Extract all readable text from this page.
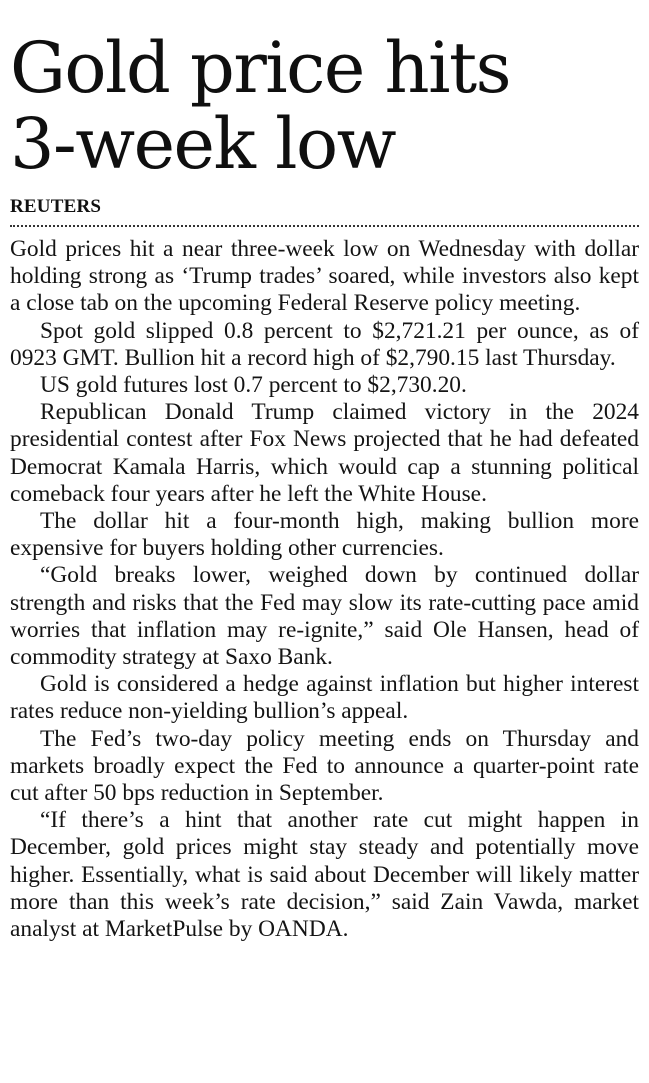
Gold price hits
3-week low
REUTERS

Gold prices hit a near three-week low on Wednesday with dollar holding strong as ‘Trump trades’ soared, while investors also kept a close tab on the upcoming Federal Reserve policy meeting.

Spot gold slipped 0.8 percent to $2,721.21 per ounce, as of 0923 GMT. Bullion hit a record high of $2,790.15 last Thursday.

US gold futures lost 0.7 percent to $2,730.20.

Republican Donald Trump claimed victory in the 2024 presidential contest after Fox News projected that he had defeated Democrat Kamala Harris, which would cap a stunning political comeback four years after he left the White House.

The dollar hit a four-month high, making bullion more expensive for buyers holding other currencies.

“Gold breaks lower, weighed down by continued dollar strength and risks that the Fed may slow its rate-cutting pace amid worries that inflation may re-ignite,” said Ole Hansen, head of commodity strategy at Saxo Bank.

Gold is considered a hedge against inflation but higher interest rates reduce non-yielding bullion’s appeal.

The Fed’s two-day policy meeting ends on Thursday and markets broadly expect the Fed to announce a quarter-point rate cut after 50 bps reduction in September.

“If there’s a hint that another rate cut might happen in December, gold prices might stay steady and potentially move higher. Essentially, what is said about December will likely matter more than this week’s rate decision,” said Zain Vawda, market analyst at MarketPulse by OANDA.
